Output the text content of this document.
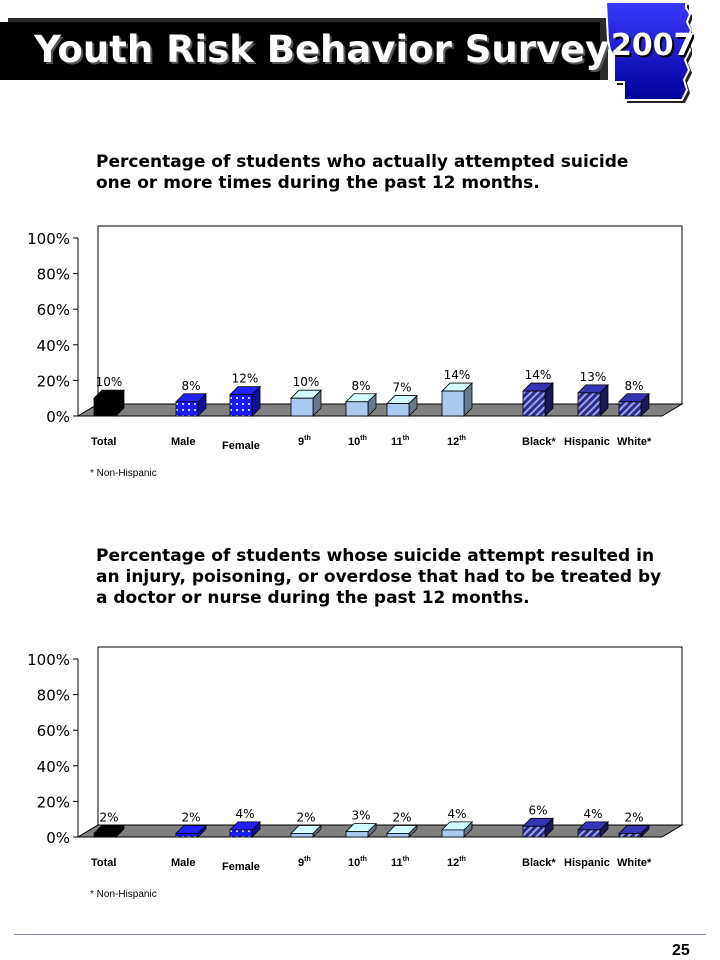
Youth Risk Behavior Survey 2007
Percentage of students who actually attempted suicide one or more times during the past 12 months.
0%
20%
40%
60%
80%
100%
10%	8%
12%	10%	8% 7%
14%	14% 13%
8%
Total	Male Female	9th	10th 11th	12th	Black* Hispanic White*
* Non-Hispanic
Percentage of students whose suicide attempt resulted in an injury, poisoning, or overdose that had to be treated by a doctor or nurse during the past 12 months.
0%
20%
40%
60%
80%
100%
2%	2%	4%	2%	3% 2%	4%	6%	4% 2%
Total	Male Female	9th	10th 11th	12th	Black* Hispanic White*
* Non-Hispanic
25
